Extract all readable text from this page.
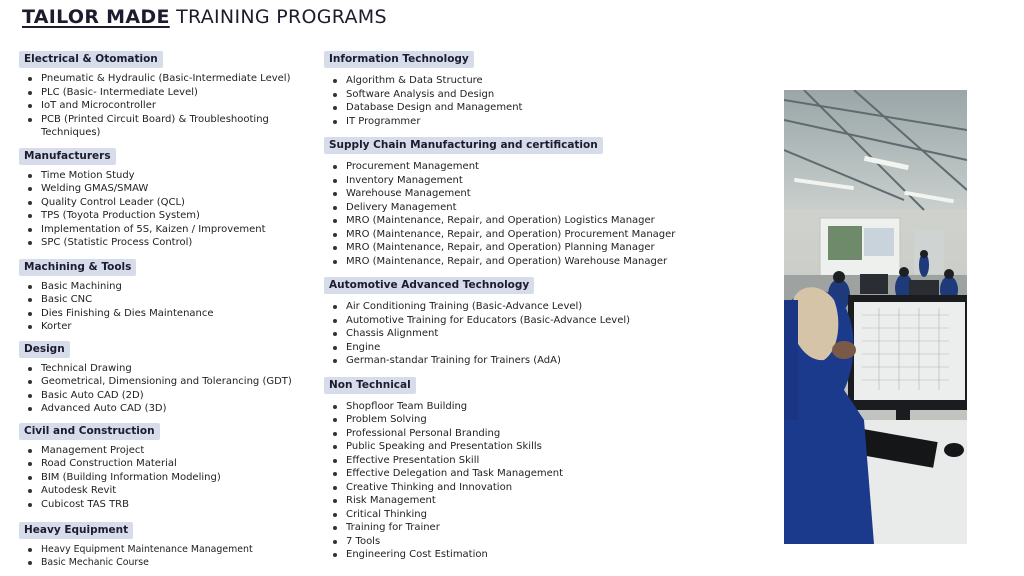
TAILOR MADE TRAINING PROGRAMS
Electrical & Otomation
Pneumatic & Hydraulic (Basic-Intermediate Level)
PLC (Basic- Intermediate Level)
IoT and Microcontroller
PCB (Printed Circuit Board) & Troubleshooting Techniques)
Manufacturers
Time Motion Study
Welding GMAS/SMAW
Quality Control Leader (QCL)
TPS (Toyota Production System)
Implementation of 5S, Kaizen / Improvement
SPC (Statistic Process Control)
Machining & Tools
Basic Machining
Basic CNC
Dies Finishing & Dies Maintenance
Korter
Design
Technical Drawing
Geometrical, Dimensioning and Tolerancing (GDT)
Basic Auto CAD (2D)
Advanced Auto CAD (3D)
Civil and Construction
Management Project
Road Construction Material
BIM (Building Information Modeling)
Autodesk Revit
Cubicost TAS TRB
Heavy Equipment
Heavy Equipment Maintenance Management
Basic Mechanic Course
Information Technology
Algorithm & Data Structure
Software Analysis and Design
Database Design and Management
IT Programmer
Supply Chain Manufacturing and certification
Procurement Management
Inventory Management
Warehouse Management
Delivery Management
MRO (Maintenance, Repair, and Operation) Logistics Manager
MRO (Maintenance, Repair, and Operation) Procurement Manager
MRO (Maintenance, Repair, and Operation) Planning Manager
MRO (Maintenance, Repair, and Operation) Warehouse Manager
Automotive Advanced Technology
Air Conditioning Training (Basic-Advance Level)
Automotive Training for Educators (Basic-Advance Level)
Chassis Alignment
Engine
German-standar Training for Trainers (AdA)
Non Technical
Shopfloor Team Building
Problem Solving
Professional Personal Branding
Public Speaking and Presentation Skills
Effective Presentation Skill
Effective Delegation and Task Management
Creative Thinking and Innovation
Risk Management
Critical Thinking
Training for Trainer
7 Tools
Engineering Cost Estimation
